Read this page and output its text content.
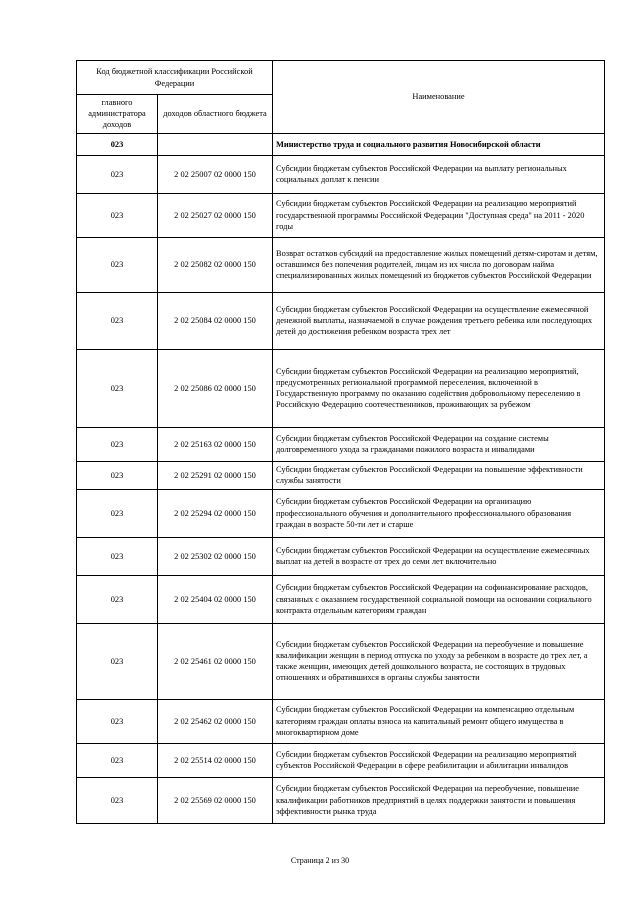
Код бюджетной классификации Российской Федерации		Наименование
главного администратора доходов	доходов областного бюджета	
023		Министерство труда и социального развития Новосибирской области
023	2 02 25007 02 0000 150	Субсидии бюджетам субъектов Российской Федерации на выплату региональных социальных доплат к пенсии
023	2 02 25027 02 0000 150	Субсидии бюджетам субъектов Российской Федерации на реализацию мероприятий государственной программы Российской Федерации "Доступная среда" на 2011 - 2020 годы
023	2 02 25082 02 0000 150	Возврат остатков субсидий на предоставление жилых помещений детям-сиротам и детям, оставшимся без попечения родителей, лицам из их числа по договорам найма специализированных жилых помещений из бюджетов субъектов Российской Федерации
023	2 02 25084 02 0000 150	Субсидии бюджетам субъектов Российской Федерации на осуществление ежемесячной денежной выплаты, назначаемой в случае рождения третьего ребенка или последующих детей до достижения ребенком возраста трех лет
023	2 02 25086 02 0000 150	Субсидии бюджетам субъектов Российской Федерации на реализацию мероприятий, предусмотренных региональной программой переселения, включенной в Государственную программу по оказанию содействия добровольному переселению в Российскую Федерацию соотечественников, проживающих за рубежом
023	2 02 25163 02 0000 150	Субсидии бюджетам субъектов Российской Федерации на создание системы долговременного ухода за гражданами пожилого возраста и инвалидами
023	2 02 25291 02 0000 150	Субсидии бюджетам субъектов Российской Федерации на повышение эффективности службы занятости
023	2 02 25294 02 0000 150	Субсидии бюджетам субъектов Российской Федерации на организацию профессионального обучения и дополнительного профессионального образования граждан в возрасте 50-ти лет и старше
023	2 02 25302 02 0000 150	Субсидии бюджетам субъектов Российской Федерации на осуществление ежемесячных выплат на детей в возрасте от трех до семи лет включительно
023	2 02 25404 02 0000 150	Субсидии бюджетам субъектов Российской Федерации на софинансирование расходов, связанных с оказанием государственной социальной помощи на основании социального контракта отдельным категориям граждан
023	2 02 25461 02 0000 150	Субсидии бюджетам субъектов Российской Федерации на переобучение и повышение квалификации женщин в период отпуска по уходу за ребенком в возрасте до трех лет, а также женщин, имеющих детей дошкольного возраста, не состоящих в трудовых отношениях и обратившихся в органы службы занятости
023	2 02 25462 02 0000 150	Субсидии бюджетам субъектов Российской Федерации на компенсацию отдельным категориям граждан оплаты взноса на капитальный ремонт общего имущества в многоквартирном доме
023	2 02 25514 02 0000 150	Субсидии бюджетам субъектов Российской Федерации на реализацию мероприятий субъектов Российской Федерации в сфере реабилитации и абилитации инвалидов
023	2 02 25569 02 0000 150	Субсидии бюджетам субъектов Российской Федерации на переобучение, повышение квалификации работников предприятий в целях поддержки занятости и повышения эффективности рынка труда
Страница 2 из 30
